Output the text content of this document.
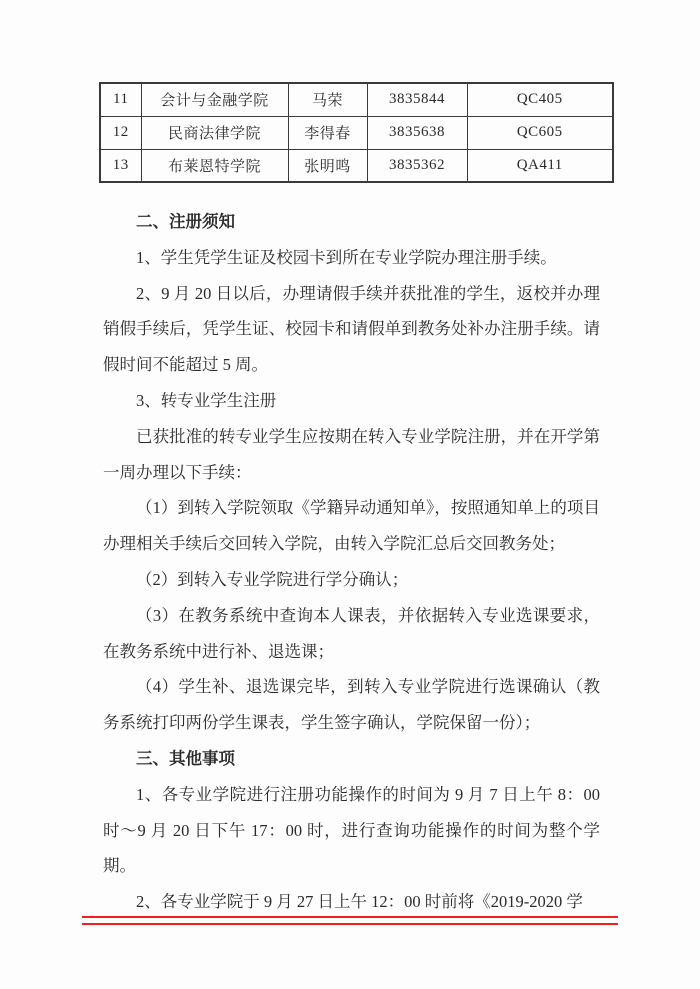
11	会计与金融学院	马荣	3835844	QC405
12	民商法律学院	李得春	3835638	QC605
13	布莱恩特学院	张明鸣	3835362	QA411

二、注册须知

1、学生凭学生证及校园卡到所在专业学院办理注册手续。

2、9 月 20 日以后，办理请假手续并获批准的学生，返校并办理销假手续后，凭学生证、校园卡和请假单到教务处补办注册手续。请假时间不能超过 5 周。

3、转专业学生注册

已获批准的转专业学生应按期在转入专业学院注册，并在开学第一周办理以下手续：

（1）到转入学院领取《学籍异动通知单》，按照通知单上的项目办理相关手续后交回转入学院，由转入学院汇总后交回教务处；

（2）到转入专业学院进行学分确认；

（3）在教务系统中查询本人课表，并依据转入专业选课要求，在教务系统中进行补、退选课；

（4）学生补、退选课完毕，到转入专业学院进行选课确认（教务系统打印两份学生课表，学生签字确认，学院保留一份）；

三、其他事项

1、各专业学院进行注册功能操作的时间为 9 月 7 日上午 8：00 时～9 月 20 日下午 17：00 时，进行查询功能操作的时间为整个学期。

2、各专业学院于 9 月 27 日上午 12：00 时前将《2019-2020 学
